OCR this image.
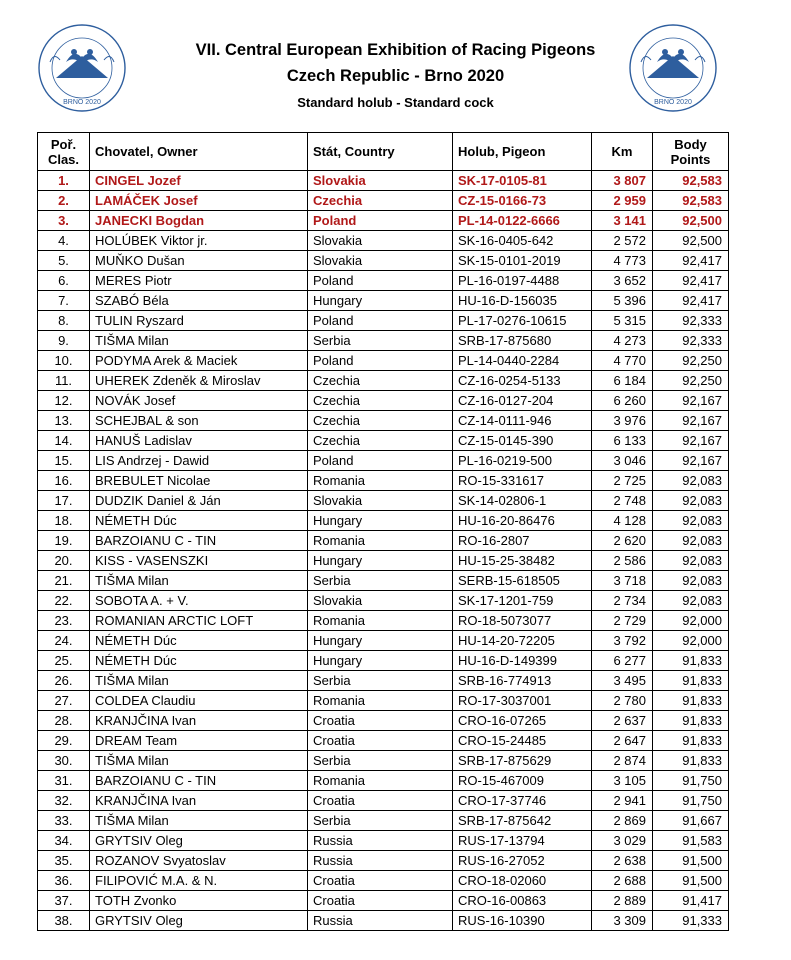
BRNO 2020	BRNO 2020
VII. Central European Exhibition of Racing Pigeons
Czech Republic - Brno 2020
Standard holub - Standard cock
Poř. Clas.	Chovatel, Owner	Stát, Country	Holub, Pigeon	Km	Body Points

1.	CINGEL Jozef	Slovakia	SK-17-0105-81	3 807	92,583
2.	LAMÁČEK Josef	Czechia	CZ-15-0166-73	2 959	92,583
3.	JANECKI Bogdan	Poland	PL-14-0122-6666	3 141	92,500
4.	HOLÚBEK Viktor jr.	Slovakia	SK-16-0405-642	2 572	92,500
5.	MUŇKO Dušan	Slovakia	SK-15-0101-2019	4 773	92,417
6.	MERES Piotr	Poland	PL-16-0197-4488	3 652	92,417
7.	SZABÓ Béla	Hungary	HU-16-D-156035	5 396	92,417
8.	TULIN Ryszard	Poland	PL-17-0276-10615	5 315	92,333
9.	TIŠMA Milan	Serbia	SRB-17-875680	4 273	92,333
10.	PODYMA Arek & Maciek	Poland	PL-14-0440-2284	4 770	92,250
11.	UHEREK Zdeněk & Miroslav	Czechia	CZ-16-0254-5133	6 184	92,250
12.	NOVÁK Josef	Czechia	CZ-16-0127-204	6 260	92,167
13.	SCHEJBAL & son	Czechia	CZ-14-0111-946	3 976	92,167
14.	HANUŠ Ladislav	Czechia	CZ-15-0145-390	6 133	92,167
15.	LIS Andrzej - Dawid	Poland	PL-16-0219-500	3 046	92,167
16.	BREBULET Nicolae	Romania	RO-15-331617	2 725	92,083
17.	DUDZIK Daniel & Ján	Slovakia	SK-14-02806-1	2 748	92,083
18.	NÉMETH Dúc	Hungary	HU-16-20-86476	4 128	92,083
19.	BARZOIANU C - TIN	Romania	RO-16-2807	2 620	92,083
20.	KISS - VASENSZKI	Hungary	HU-15-25-38482	2 586	92,083
21.	TIŠMA Milan	Serbia	SERB-15-618505	3 718	92,083
22.	SOBOTA A. + V.	Slovakia	SK-17-1201-759	2 734	92,083
23.	ROMANIAN ARCTIC LOFT	Romania	RO-18-5073077	2 729	92,000
24.	NÉMETH Dúc	Hungary	HU-14-20-72205	3 792	92,000
25.	NÉMETH Dúc	Hungary	HU-16-D-149399	6 277	91,833
26.	TIŠMA Milan	Serbia	SRB-16-774913	3 495	91,833
27.	COLDEA Claudiu	Romania	RO-17-3037001	2 780	91,833
28.	KRANJČINA Ivan	Croatia	CRO-16-07265	2 637	91,833
29.	DREAM Team	Croatia	CRO-15-24485	2 647	91,833
30.	TIŠMA Milan	Serbia	SRB-17-875629	2 874	91,833
31.	BARZOIANU C - TIN	Romania	RO-15-467009	3 105	91,750
32.	KRANJČINA Ivan	Croatia	CRO-17-37746	2 941	91,750
33.	TIŠMA Milan	Serbia	SRB-17-875642	2 869	91,667
34.	GRYTSIV Oleg	Russia	RUS-17-13794	3 029	91,583
35.	ROZANOV Svyatoslav	Russia	RUS-16-27052	2 638	91,500
36.	FILIPOVIĆ M.A. & N.	Croatia	CRO-18-02060	2 688	91,500
37.	TOTH Zvonko	Croatia	CRO-16-00863	2 889	91,417
38.	GRYTSIV Oleg	Russia	RUS-16-10390	3 309	91,333
